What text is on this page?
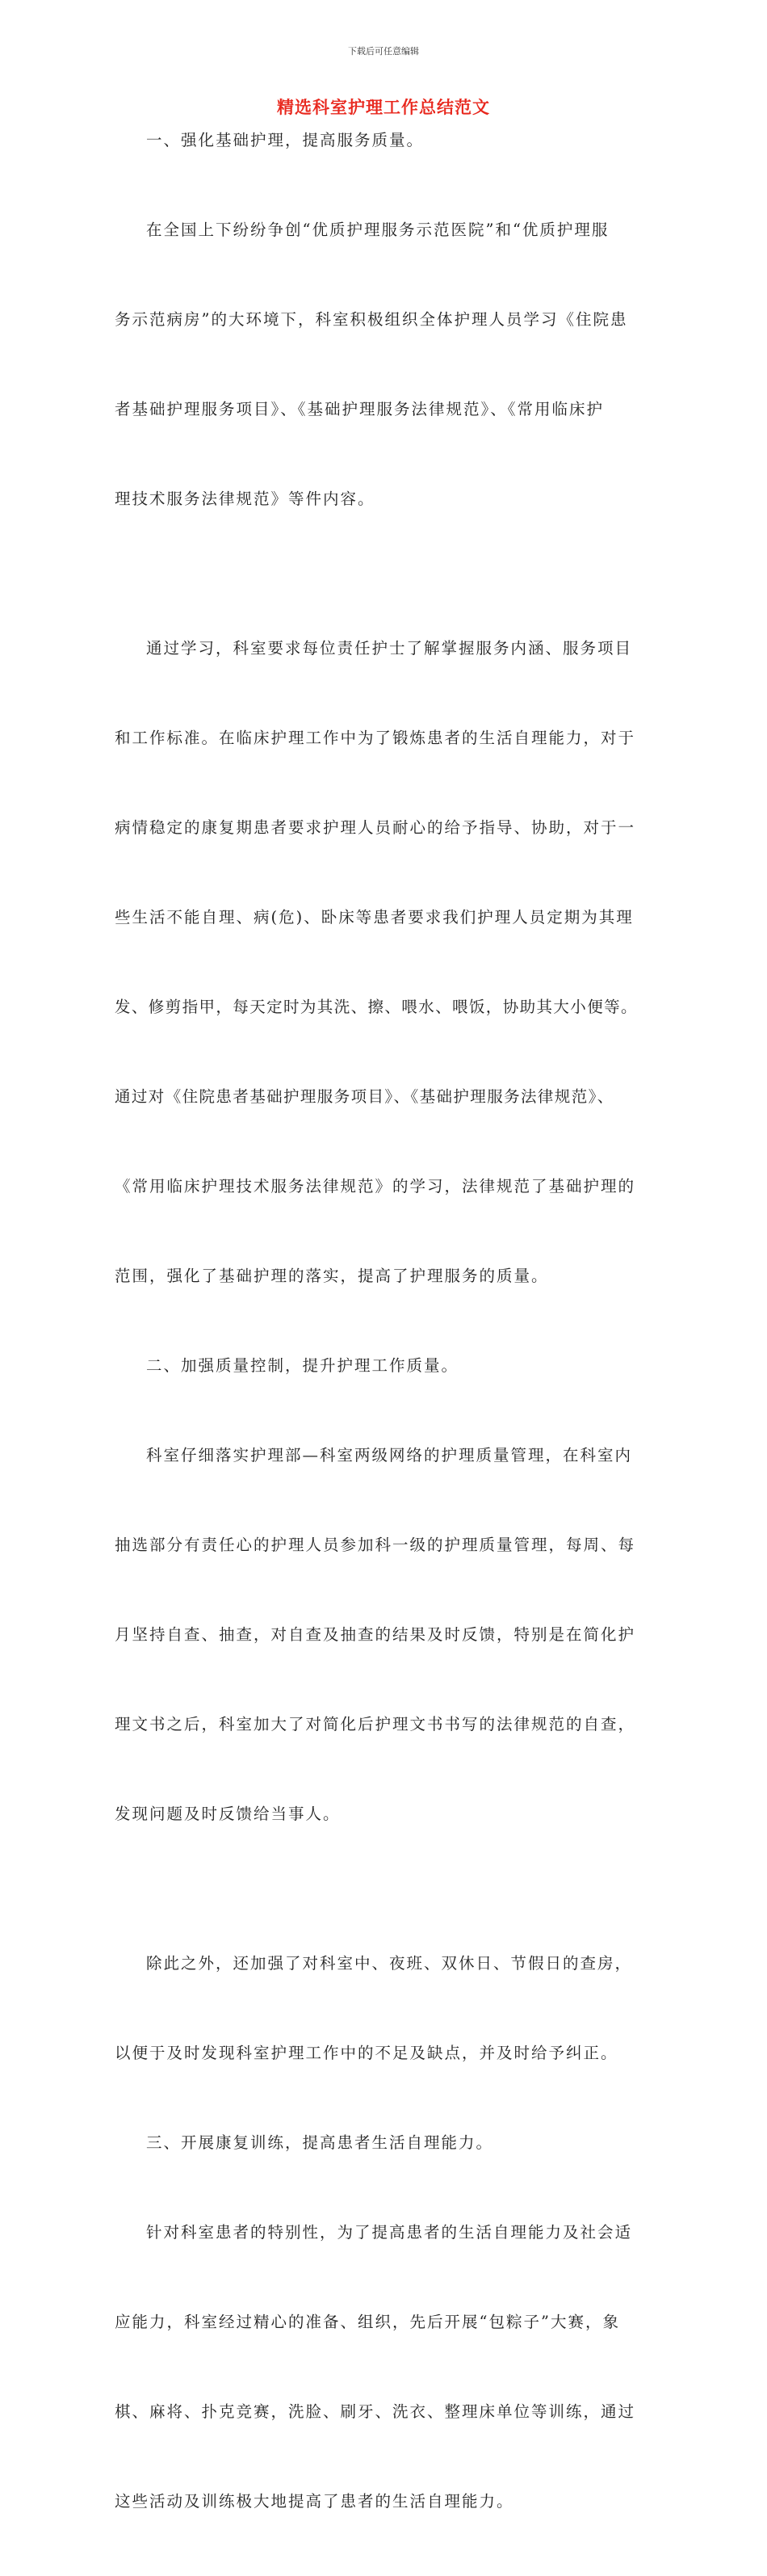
下载后可任意编辑
精选科室护理工作总结范文

一、强化基础护理，提高服务质量。

在全国上下纷纷争创“优质护理服务示范医院”和“优质护理服

务示范病房”的大环境下，科室积极组织全体护理人员学习《住院患

者基础护理服务项目》、《基础护理服务法律规范》、《常用临床护

理技术服务法律规范》等件内容。

通过学习，科室要求每位责任护士了解掌握服务内涵、服务项目

和工作标准。在临床护理工作中为了锻炼患者的生活自理能力，对于

病情稳定的康复期患者要求护理人员耐心的给予指导、协助，对于一

些生活不能自理、病(危)、卧床等患者要求我们护理人员定期为其理

发、修剪指甲，每天定时为其洗、擦、喂水、喂饭，协助其大小便等。

通过对《住院患者基础护理服务项目》、《基础护理服务法律规范》、

《常用临床护理技术服务法律规范》的学习，法律规范了基础护理的

范围，强化了基础护理的落实，提高了护理服务的质量。

二、加强质量控制，提升护理工作质量。

科室仔细落实护理部—科室两级网络的护理质量管理，在科室内

抽选部分有责任心的护理人员参加科一级的护理质量管理，每周、每

月坚持自查、抽查，对自查及抽查的结果及时反馈，特别是在简化护

理文书之后，科室加大了对简化后护理文书书写的法律规范的自查，

发现问题及时反馈给当事人。

除此之外，还加强了对科室中、夜班、双休日、节假日的查房，

以便于及时发现科室护理工作中的不足及缺点，并及时给予纠正。

三、开展康复训练，提高患者生活自理能力。

针对科室患者的特别性，为了提高患者的生活自理能力及社会适

应能力，科室经过精心的准备、组织，先后开展“包粽子”大赛，象

棋、麻将、扑克竞赛，洗脸、刷牙、洗衣、整理床单位等训练，通过

这些活动及训练极大地提高了患者的生活自理能力。
